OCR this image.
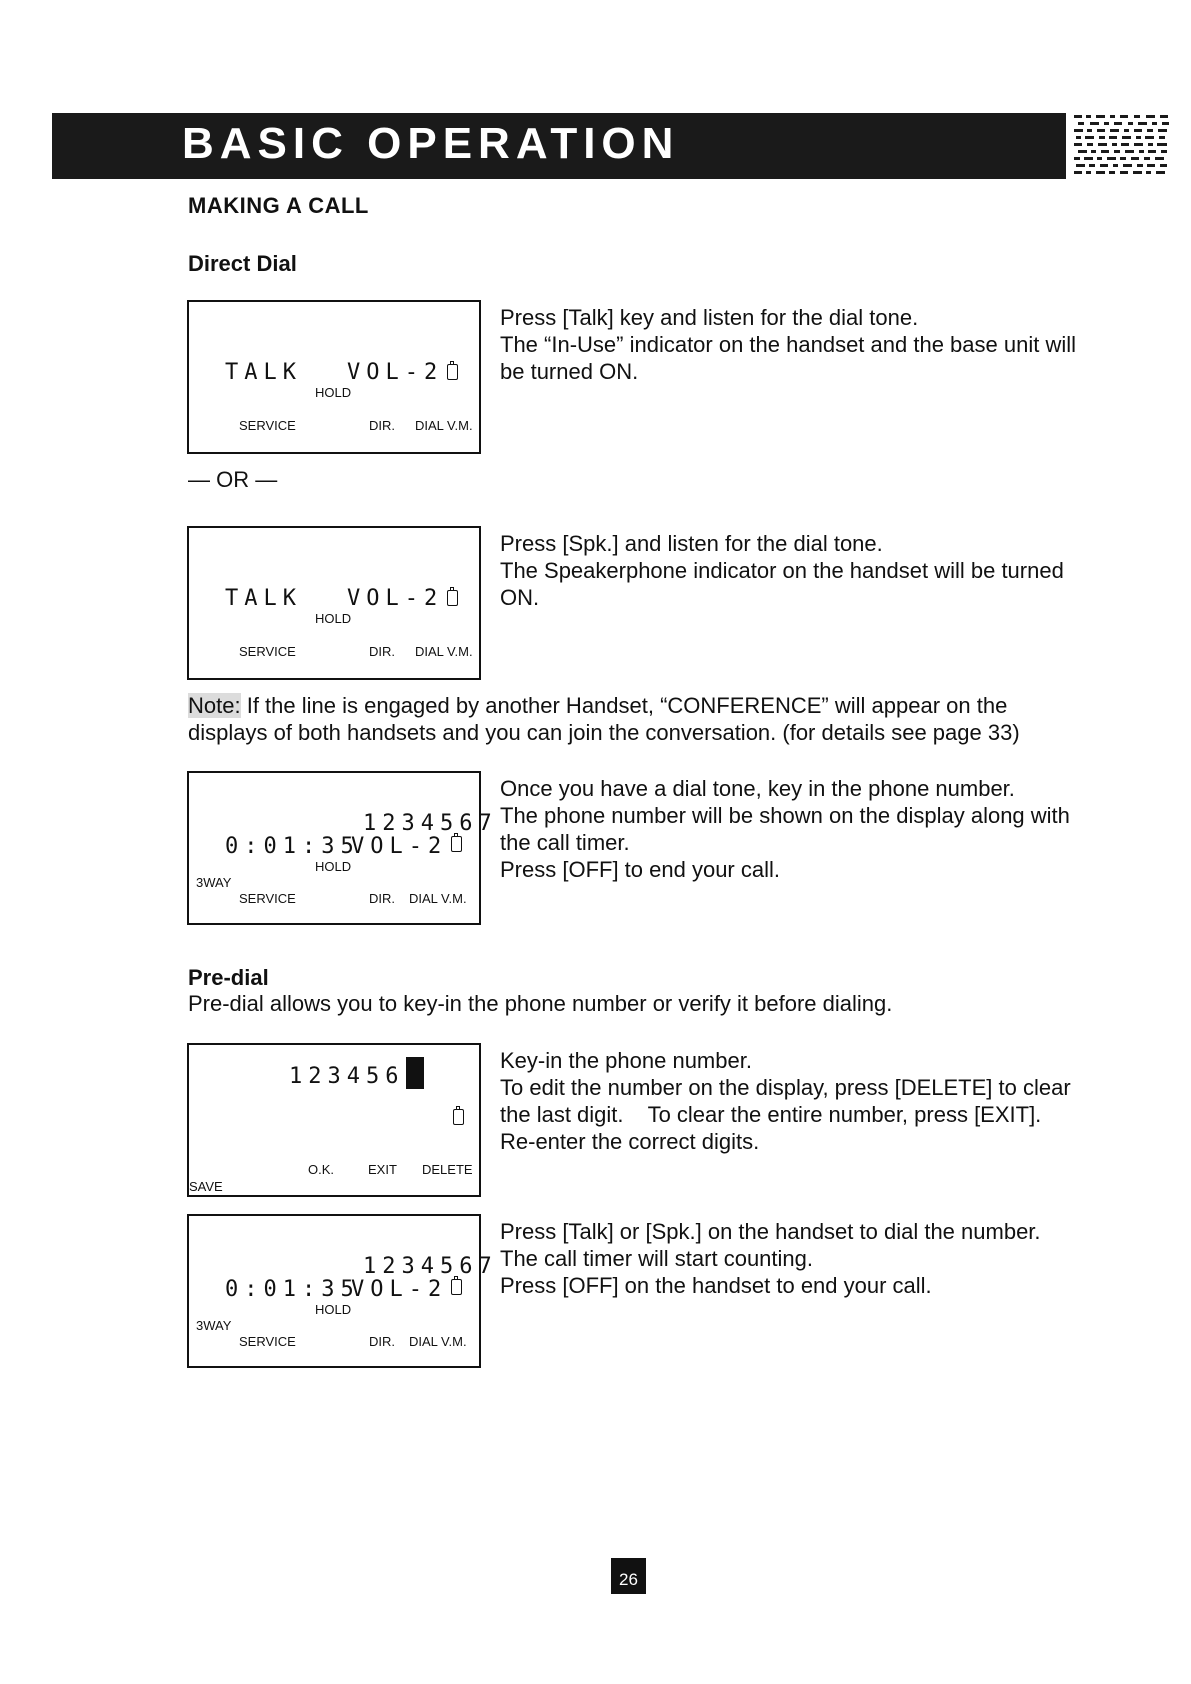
BASIC OPERATION
MAKING A CALL
Direct Dial
TALK VOL-2
HOLD
SERVICE	DIR. DIAL V.M.

Press [Talk] key and listen for the dial tone.

The “In-Use” indicator on the handset and the base unit will be turned ON.

— OR —
TALK VOL-2
HOLD
SERVICE	DIR. DIAL V.M.

Press [Spk.] and listen for the dial tone.

The Speakerphone indicator on the handset will be turned ON.

Note: If the line is engaged by another Handset, “CONFERENCE” will appear on the displays of both handsets and you can join the conversation. (for details see page 33)
1234567
0:01:35
VOL-2
HOLD
3WAY
SERVICE	DIR. DIAL V.M.

Once you have a dial tone, key in the phone number.

The phone number will be shown on the display along with the call timer.

Press [OFF] to end your call.

Pre-dial
Pre-dial allows you to key-in the phone number or verify it before dialing.
123456
O.K.	EXIT DELETE
SAVE

Key-in the phone number.

To edit the number on the display, press [DELETE] to clear the last digit.    To clear the entire number, press [EXIT].    Re-enter the correct digits.

1234567
0:01:35
VOL-2
HOLD
3WAY
SERVICE	DIR. DIAL V.M.

Press [Talk] or [Spk.] on the handset to dial the number.

The call timer will start counting.

Press [OFF] on the handset to end your call.

26
